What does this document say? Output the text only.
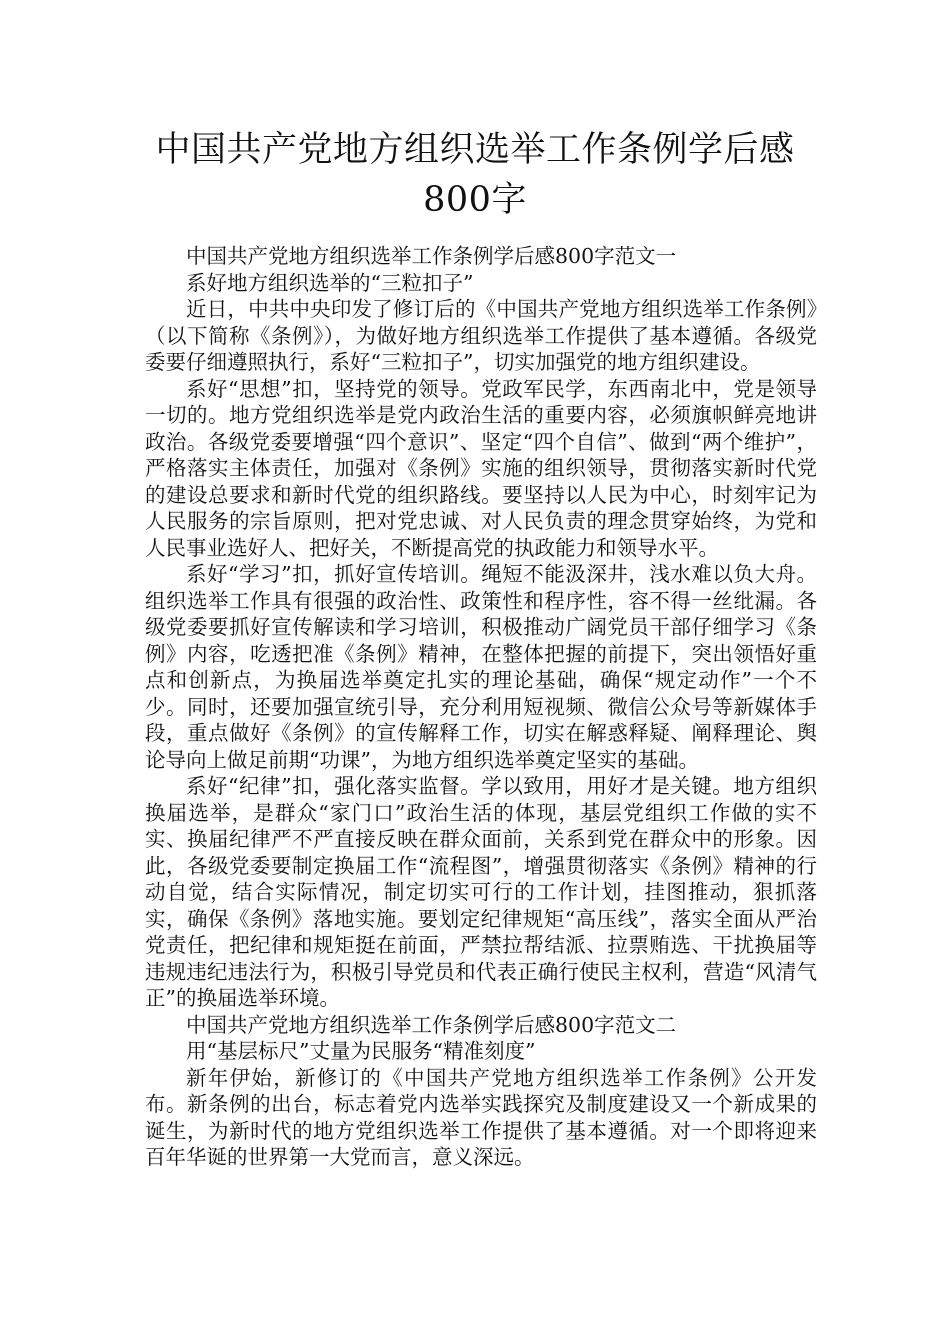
中国共产党地方组织选举工作条例学后感
800字

中国共产党地方组织选举工作条例学后感800字范文一

系好地方组织选举的“三粒扣子”

近日，中共中央印发了修订后的《中国共产党地方组织选举工作条例》（以下简称《条例》），为做好地方组织选举工作提供了基本遵循。各级党委要仔细遵照执行，系好“三粒扣子”，切实加强党的地方组织建设。

系好“思想”扣，坚持党的领导。党政军民学，东西南北中，党是领导一切的。地方党组织选举是党内政治生活的重要内容，必须旗帜鲜亮地讲政治。各级党委要增强“四个意识”、坚定“四个自信”、做到“两个维护”，严格落实主体责任，加强对《条例》实施的组织领导，贯彻落实新时代党的建设总要求和新时代党的组织路线。要坚持以人民为中心，时刻牢记为人民服务的宗旨原则，把对党忠诚、对人民负责的理念贯穿始终，为党和人民事业选好人、把好关，不断提高党的执政能力和领导水平。

系好“学习”扣，抓好宣传培训。绳短不能汲深井，浅水难以负大舟。组织选举工作具有很强的政治性、政策性和程序性，容不得一丝纰漏。各级党委要抓好宣传解读和学习培训，积极推动广阔党员干部仔细学习《条例》内容，吃透把准《条例》精神，在整体把握的前提下，突出领悟好重点和创新点，为换届选举奠定扎实的理论基础，确保“规定动作”一个不少。同时，还要加强宣统引导，充分利用短视频、微信公众号等新媒体手段，重点做好《条例》的宣传解释工作，切实在解惑释疑、阐释理论、舆论导向上做足前期“功课”，为地方组织选举奠定坚实的基础。

系好“纪律”扣，强化落实监督。学以致用，用好才是关键。地方组织换届选举，是群众“家门口”政治生活的体现，基层党组织工作做的实不实、换届纪律严不严直接反映在群众面前，关系到党在群众中的形象。因此，各级党委要制定换届工作“流程图”，增强贯彻落实《条例》精神的行动自觉，结合实际情况，制定切实可行的工作计划，挂图推动，狠抓落实，确保《条例》落地实施。要划定纪律规矩“高压线”，落实全面从严治党责任，把纪律和规矩挺在前面，严禁拉帮结派、拉票贿选、干扰换届等违规违纪违法行为，积极引导党员和代表正确行使民主权利，营造“风清气正”的换届选举环境。

中国共产党地方组织选举工作条例学后感800字范文二

用“基层标尺”丈量为民服务“精准刻度”

新年伊始，新修订的《中国共产党地方组织选举工作条例》公开发布。新条例的出台，标志着党内选举实践探究及制度建设又一个新成果的诞生，为新时代的地方党组织选举工作提供了基本遵循。对一个即将迎来百年华诞的世界第一大党而言，意义深远。
